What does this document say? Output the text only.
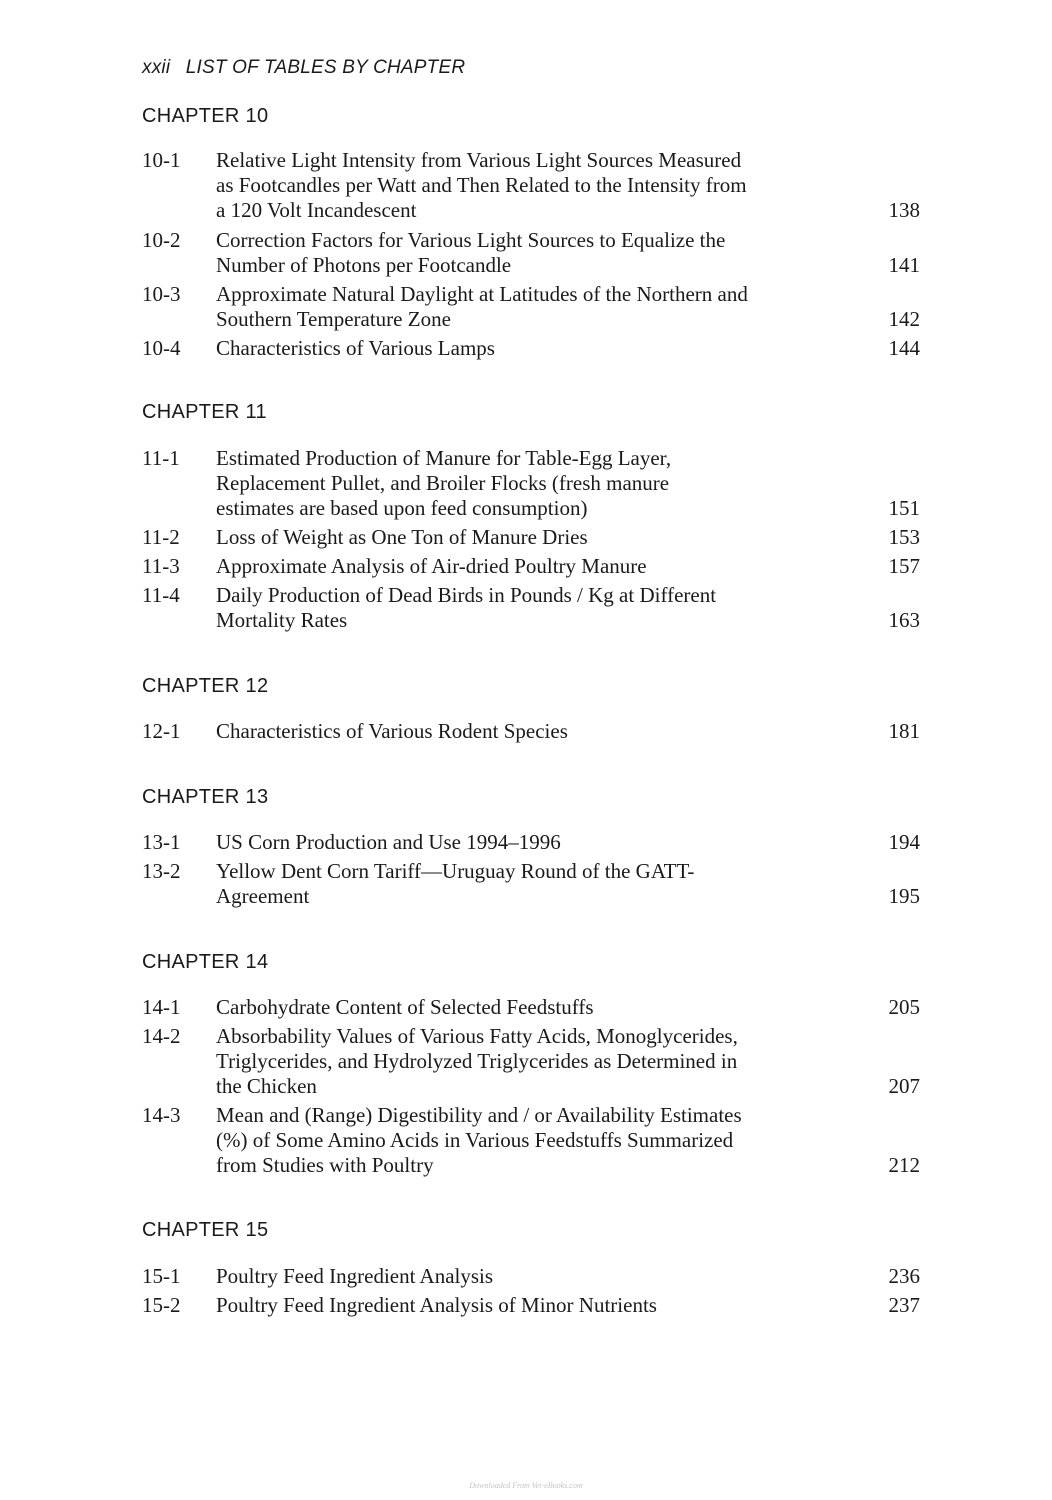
xxii LIST OF TABLES BY CHAPTER
CHAPTER 10
10-1 Relative Light Intensity from Various Light Sources Measured
as Footcandles per Watt and Then Related to the Intensity from
a 120 Volt Incandescent	138
10-2 Correction Factors for Various Light Sources to Equalize the
Number of Photons per Footcandle	141
10-3 Approximate Natural Daylight at Latitudes of the Northern and
Southern Temperature Zone	142
10-4 Characteristics of Various Lamps	144
CHAPTER 11
11-1 Estimated Production of Manure for Table-Egg Layer,
Replacement Pullet, and Broiler Flocks (fresh manure
estimates are based upon feed consumption)	151
11-2 Loss of Weight as One Ton of Manure Dries	153
11-3 Approximate Analysis of Air-dried Poultry Manure	157
11-4 Daily Production of Dead Birds in Pounds / Kg at Different
Mortality Rates	163
CHAPTER 12
12-1 Characteristics of Various Rodent Species	181
CHAPTER 13
13-1 US Corn Production and Use 1994–1996	194
13-2 Yellow Dent Corn Tariff—Uruguay Round of the GATT-
Agreement	195
CHAPTER 14
14-1 Carbohydrate Content of Selected Feedstuffs	205
14-2 Absorbability Values of Various Fatty Acids, Monoglycerides,
Triglycerides, and Hydrolyzed Triglycerides as Determined in
the Chicken	207
14-3 Mean and (Range) Digestibility and / or Availability Estimates
(%) of Some Amino Acids in Various Feedstuffs Summarized
from Studies with Poultry	212
CHAPTER 15
15-1 Poultry Feed Ingredient Analysis	236
15-2 Poultry Feed Ingredient Analysis of Minor Nutrients	237
Downloaded From Vet-eBooks.com
